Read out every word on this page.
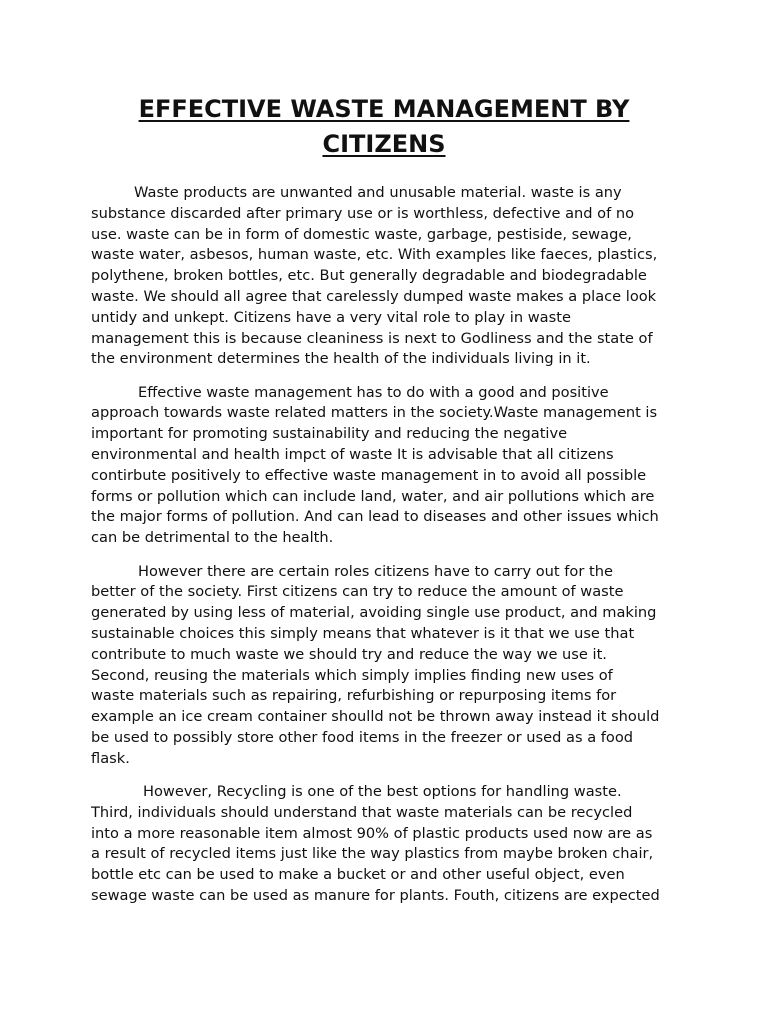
EFFECTIVE WASTE MANAGEMENT BY
CITIZENS

Waste products are unwanted and unusable material. waste is any
substance discarded after primary use or is worthless, defective and of no
use. waste can be in form of domestic waste, garbage, pestiside, sewage,
waste water, asbesos, human waste, etc. With examples like faeces, plastics,
polythene, broken bottles, etc. But generally degradable and biodegradable
waste. We should all agree that carelessly dumped waste makes a place look
untidy and unkept. Citizens have a very vital role to play in waste
management this is because cleaniness is next to Godliness and the state of
the environment determines the health of the individuals living in it.

Effective waste management has to do with a good and positive
approach towards waste related matters in the society.Waste management is
important for promoting sustainability and reducing the negative
environmental and health impct of waste It is advisable that all citizens
contirbute positively to effective waste management in to avoid all possible
forms or pollution which can include land, water, and air pollutions which are
the major forms of pollution. And can lead to diseases and other issues which
can be detrimental to the health.

However there are certain roles citizens have to carry out for the
better of the society. First citizens can try to reduce the amount of waste
generated by using less of material, avoiding single use product, and making
sustainable choices this simply means that whatever is it that we use that
contribute to much waste we should try and reduce the way we use it.
Second, reusing the materials which simply implies finding new uses of
waste materials such as repairing, refurbishing or repurposing items for
example an ice cream container shoulld not be thrown away instead it should
be used to possibly store other food items in the freezer or used as a food
flask.

However, Recycling is one of the best options for handling waste.
Third, individuals should understand that waste materials can be recycled
into a more reasonable item almost 90% of plastic products used now are as
a result of recycled items just like the way plastics from maybe broken chair,
bottle etc can be used to make a bucket or and other useful object, even
sewage waste can be used as manure for plants. Fouth, citizens are expected
